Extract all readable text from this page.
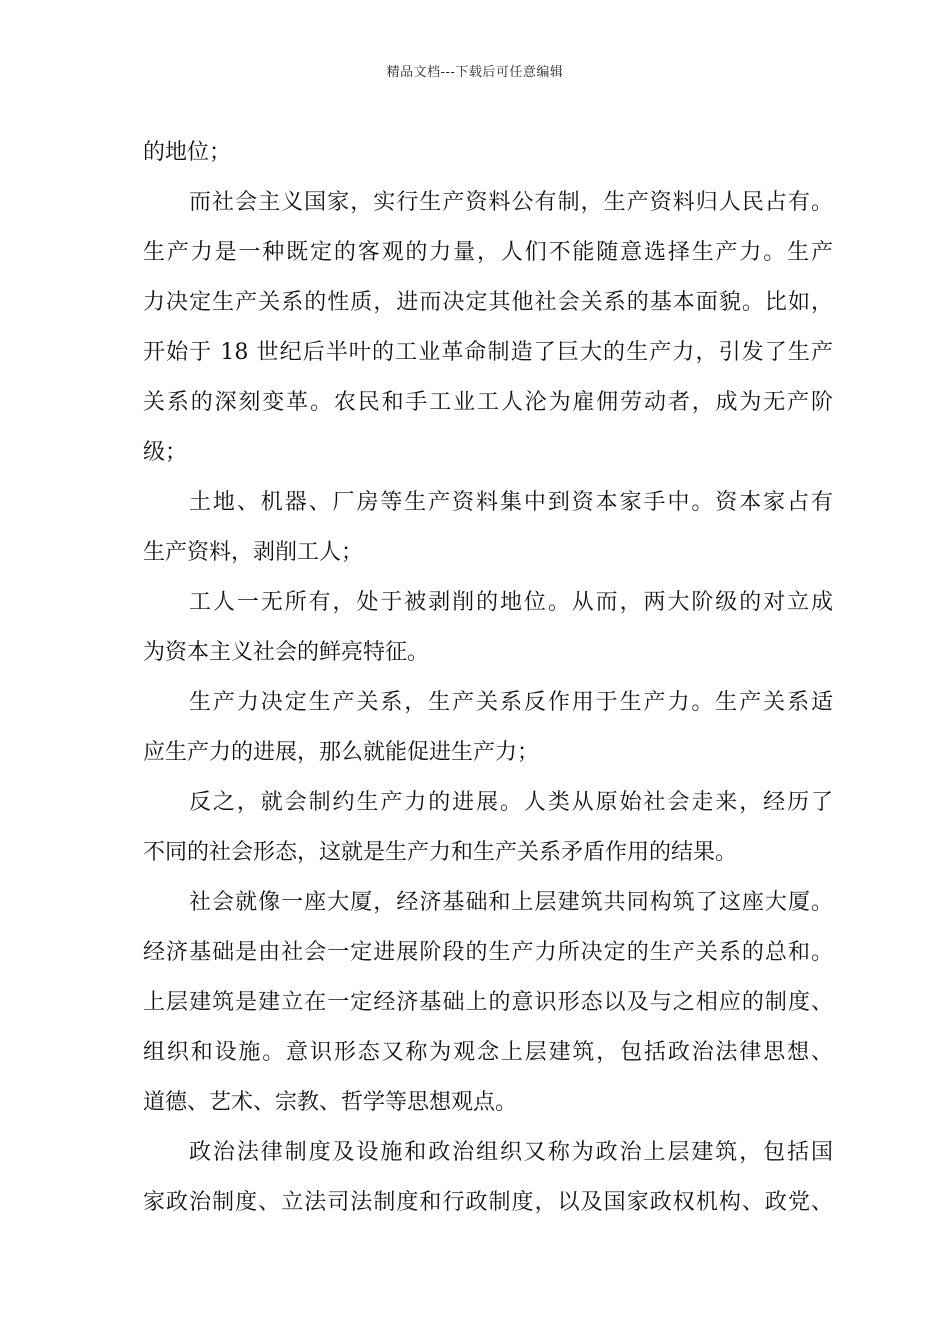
精品文档---下载后可任意编辑
的地位；
而社会主义国家，实行生产资料公有制，生产资料归人民占有。
生产力是一种既定的客观的力量，人们不能随意选择生产力。生产
力决定生产关系的性质，进而决定其他社会关系的基本面貌。比如，
开始于 18 世纪后半叶的工业革命制造了巨大的生产力，引发了生产
关系的深刻变革。农民和手工业工人沦为雇佣劳动者，成为无产阶
级；
土地、机器、厂房等生产资料集中到资本家手中。资本家占有
生产资料，剥削工人；
工人一无所有，处于被剥削的地位。从而，两大阶级的对立成
为资本主义社会的鲜亮特征。
生产力决定生产关系，生产关系反作用于生产力。生产关系适
应生产力的进展，那么就能促进生产力；
反之，就会制约生产力的进展。人类从原始社会走来，经历了
不同的社会形态，这就是生产力和生产关系矛盾作用的结果。
社会就像一座大厦，经济基础和上层建筑共同构筑了这座大厦。
经济基础是由社会一定进展阶段的生产力所决定的生产关系的总和。
上层建筑是建立在一定经济基础上的意识形态以及与之相应的制度、
组织和设施。意识形态又称为观念上层建筑，包括政治法律思想、
道德、艺术、宗教、哲学等思想观点。
政治法律制度及设施和政治组织又称为政治上层建筑，包括国
家政治制度、立法司法制度和行政制度，以及国家政权机构、政党、
